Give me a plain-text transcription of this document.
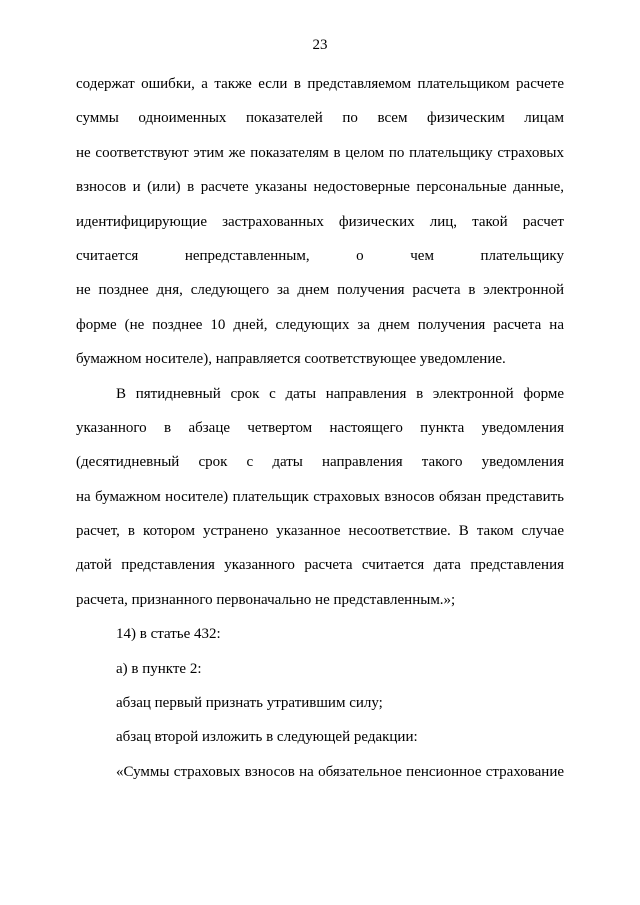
23
содержат ошибки, а также если в представляемом плательщиком расчете
суммы одноименных показателей по всем физическим лицам
не соответствуют этим же показателям в целом по плательщику страховых
взносов и (или) в расчете указаны недостоверные персональные данные,
идентифицирующие застрахованных физических лиц, такой расчет
считается непредставленным, о чем плательщику
не позднее дня, следующего за днем получения расчета в электронной
форме (не позднее 10 дней, следующих за днем получения расчета на
бумажном носителе), направляется соответствующее уведомление.
В пятидневный срок с даты направления в электронной форме
указанного в абзаце четвертом настоящего пункта уведомления
(десятидневный срок с даты направления такого уведомления
на бумажном носителе) плательщик страховых взносов обязан представить
расчет, в котором устранено указанное несоответствие. В таком случае
датой представления указанного расчета считается дата представления
расчета, признанного первоначально не представленным.»;
14) в статье 432:
а) в пункте 2:
абзац первый признать утратившим силу;
абзац второй изложить в следующей редакции:
«Суммы страховых взносов на обязательное пенсионное страхование
